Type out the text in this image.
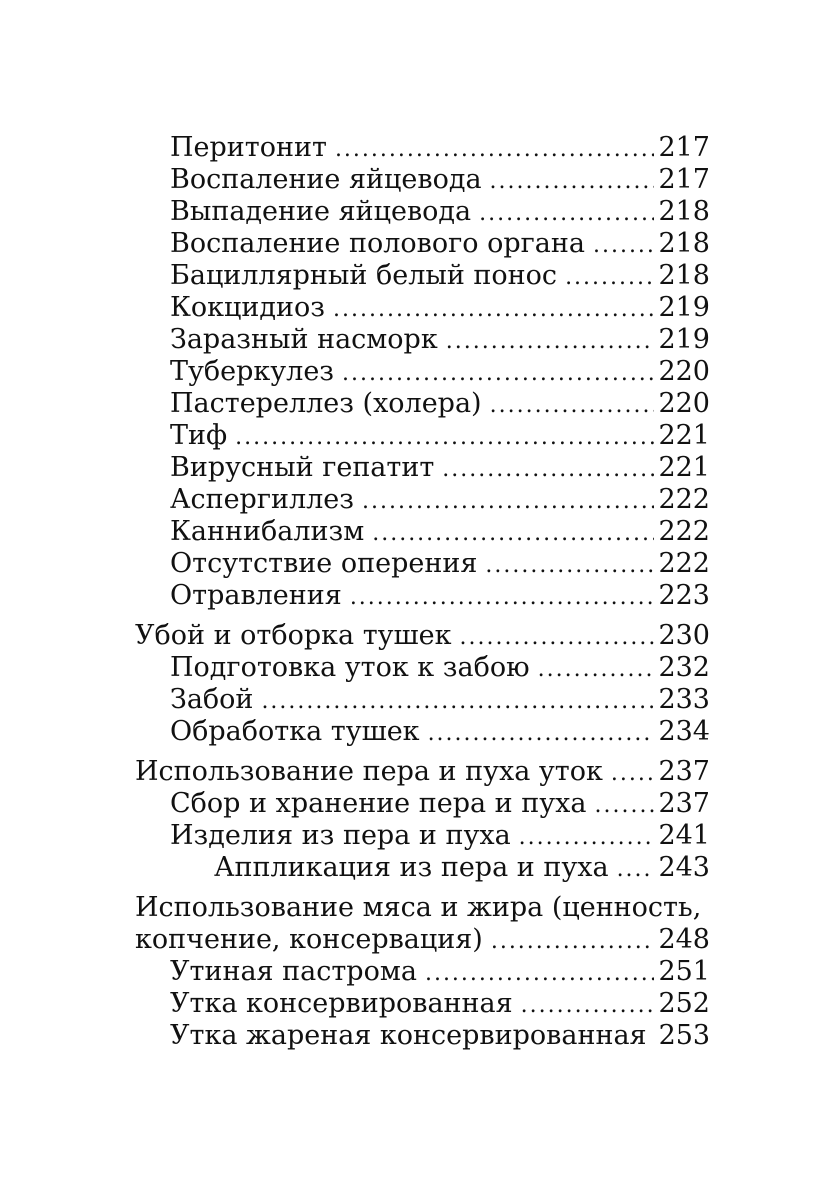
Перитонит .....	217
Воспаление яйцевода .....	217
Выпадение яйцевода .....	218
Воспаление полового органа .....	218
Бациллярный белый понос .....	218
Кокцидиоз .....	219
Заразный насморк .....	219
Туберкулез .....	220
Пастереллез (холера) .....	220
Тиф .....	221
Вирусный гепатит .....	221
Аспергиллез .....	222
Каннибализм .....	222
Отсутствие оперения .....	222
Отравления .....	223
Убой и отборка тушек .....	230
Подготовка уток к забою .....	232
Забой .....	233
Обработка тушек .....	234
Использование пера и пуха уток ..... 237
Сбор и хранение пера и пуха .....	237
Изделия из пера и пуха .....	241
Аппликация из пера и пуха ..... 243
Использование мяса и жира (ценность,
копчение, консервация) .....	248
Утиная пастрома .....	251
Утка консервированная .....	252
Утка жареная консервированная 253
